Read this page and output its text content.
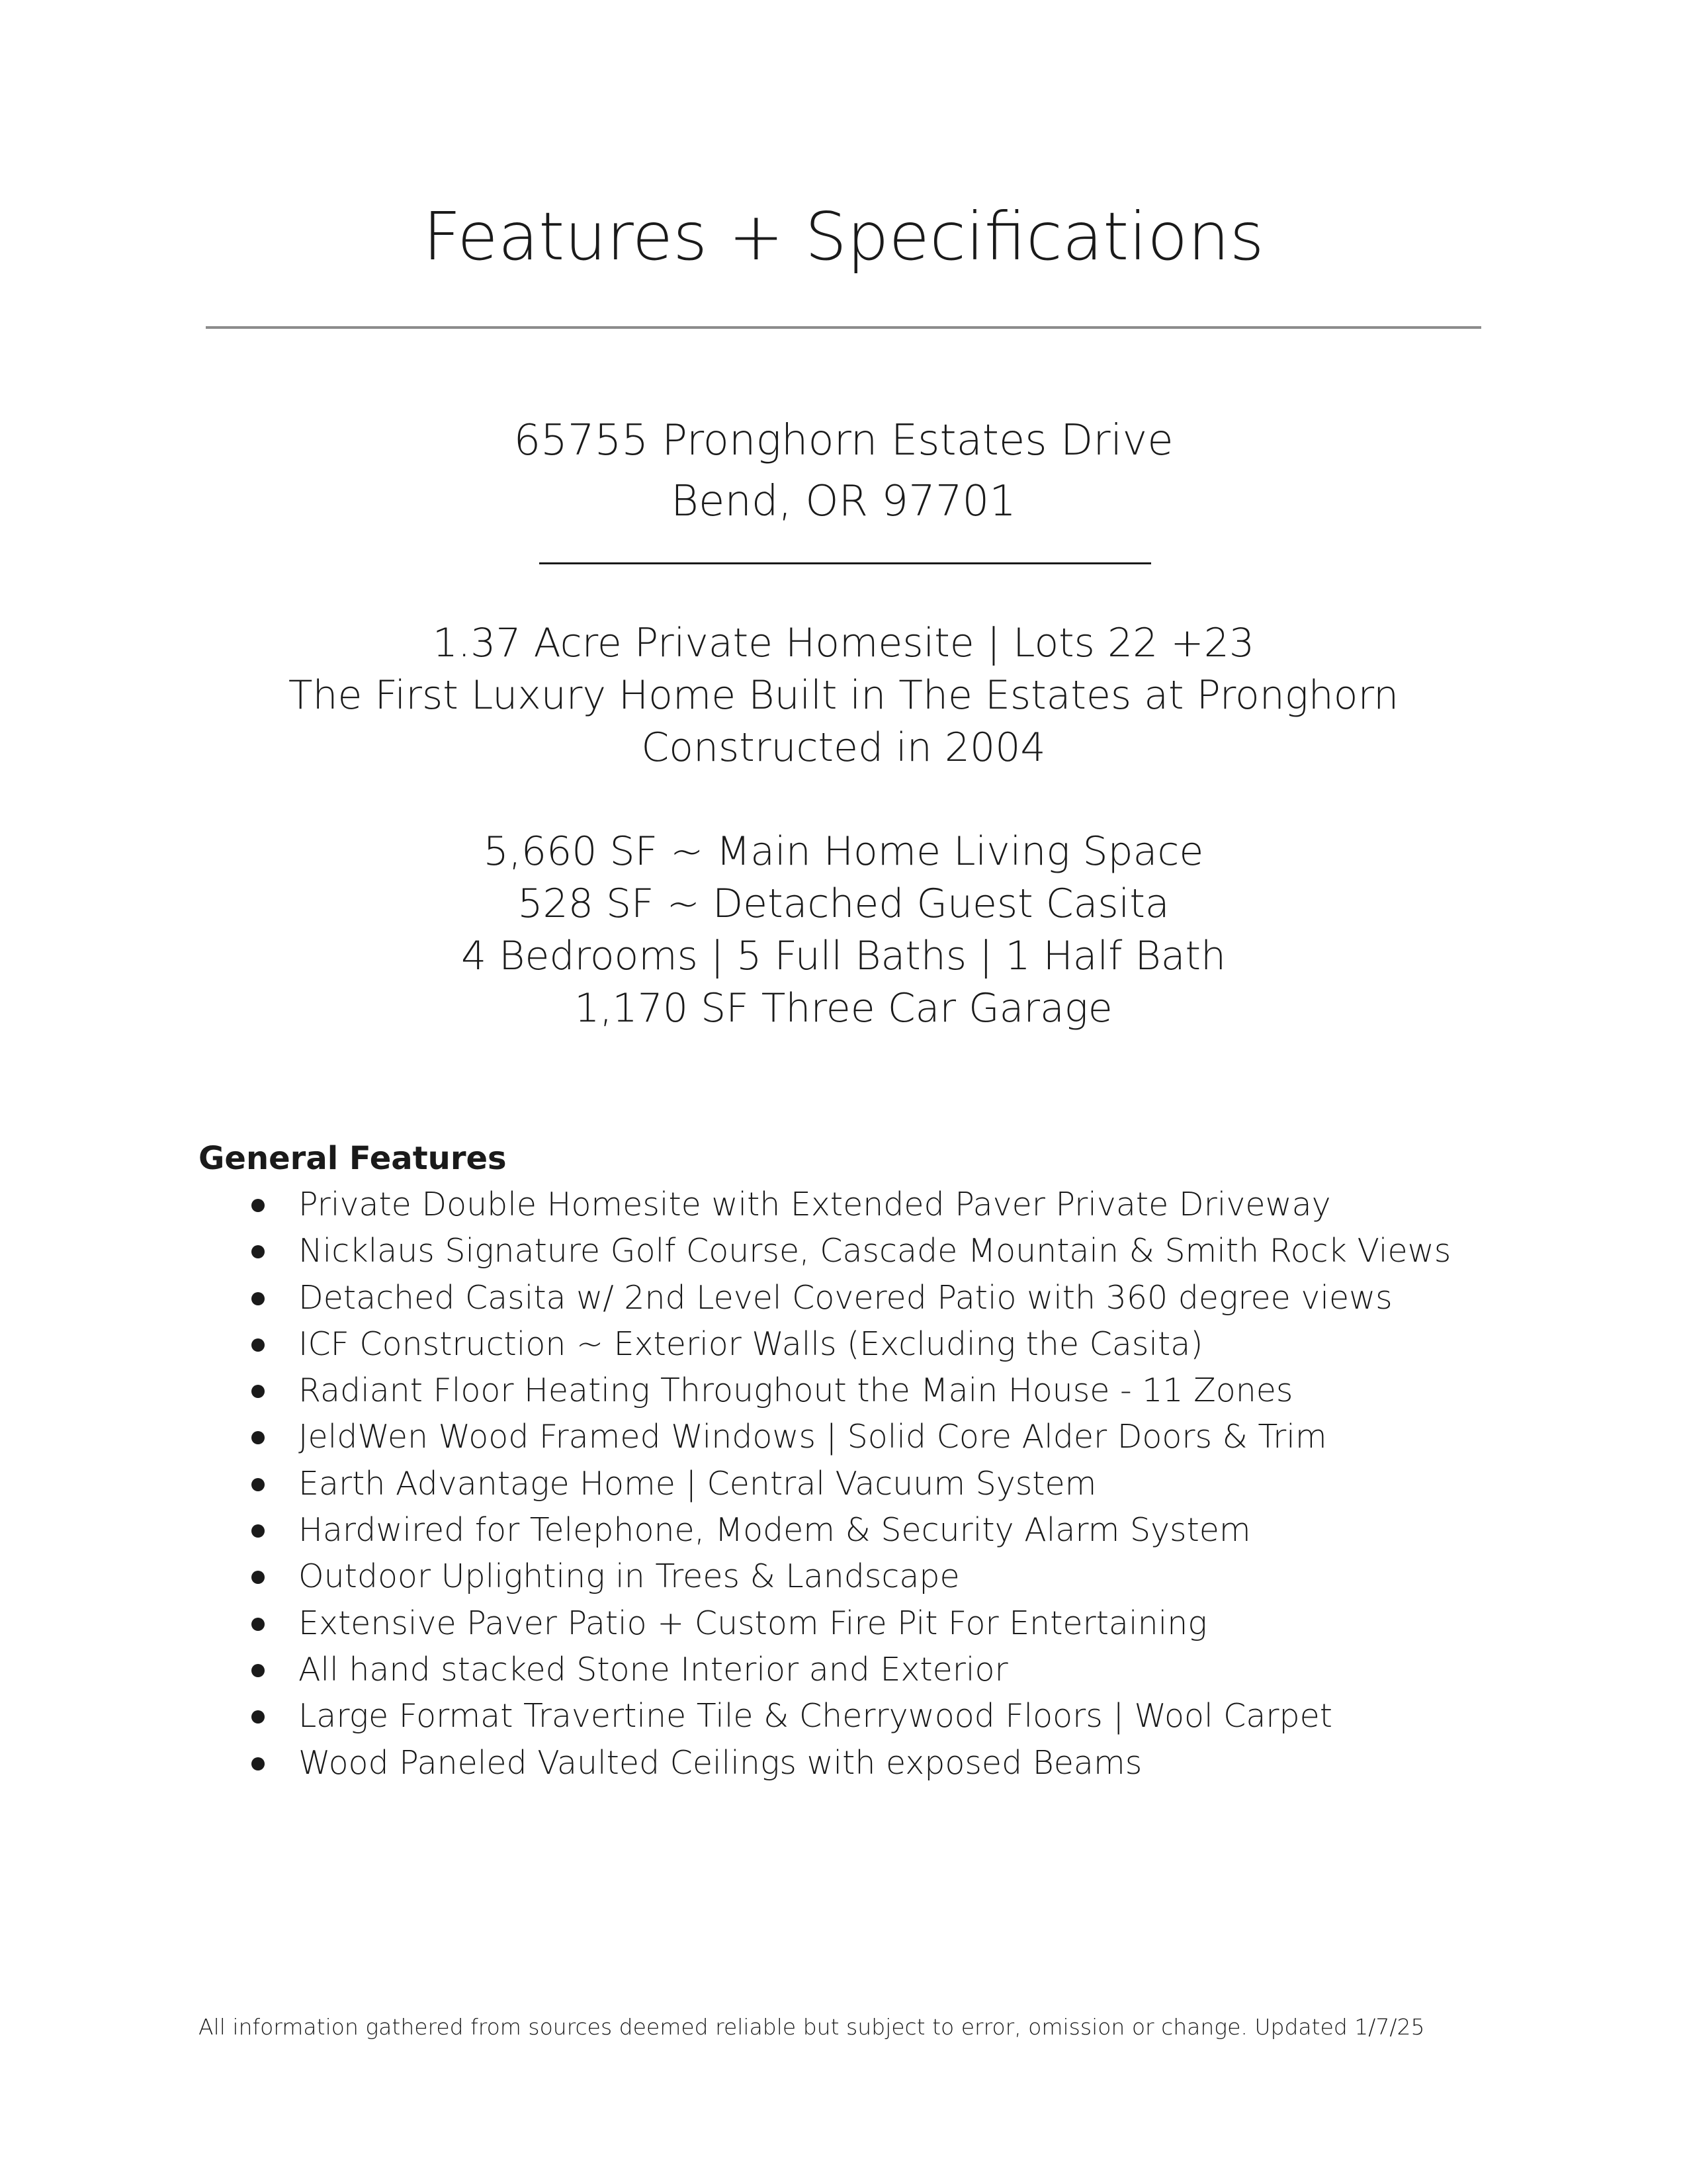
Features + Specifications
65755 Pronghorn Estates Drive
Bend, OR 97701
1.37 Acre Private Homesite | Lots 22 +23
The First Luxury Home Built in The Estates at Pronghorn
Constructed in 2004
5,660 SF ~ Main Home Living Space
528 SF ~ Detached Guest Casita
4 Bedrooms | 5 Full Baths | 1 Half Bath
1,170 SF Three Car Garage
General Features
Private Double Homesite with Extended Paver Private Driveway
Nicklaus Signature Golf Course, Cascade Mountain & Smith Rock Views
Detached Casita w/ 2nd Level Covered Patio with 360 degree views
ICF Construction ~ Exterior Walls (Excluding the Casita)
Radiant Floor Heating Throughout the Main House - 11 Zones
JeldWen Wood Framed Windows | Solid Core Alder Doors & Trim
Earth Advantage Home | Central Vacuum System
Hardwired for Telephone, Modem & Security Alarm System
Outdoor Uplighting in Trees & Landscape
Extensive Paver Patio + Custom Fire Pit For Entertaining
All hand stacked Stone Interior and Exterior
Large Format Travertine Tile & Cherrywood Floors | Wool Carpet
Wood Paneled Vaulted Ceilings with exposed Beams
All information gathered from sources deemed reliable but subject to error, omission or change. Updated 1/7/25
